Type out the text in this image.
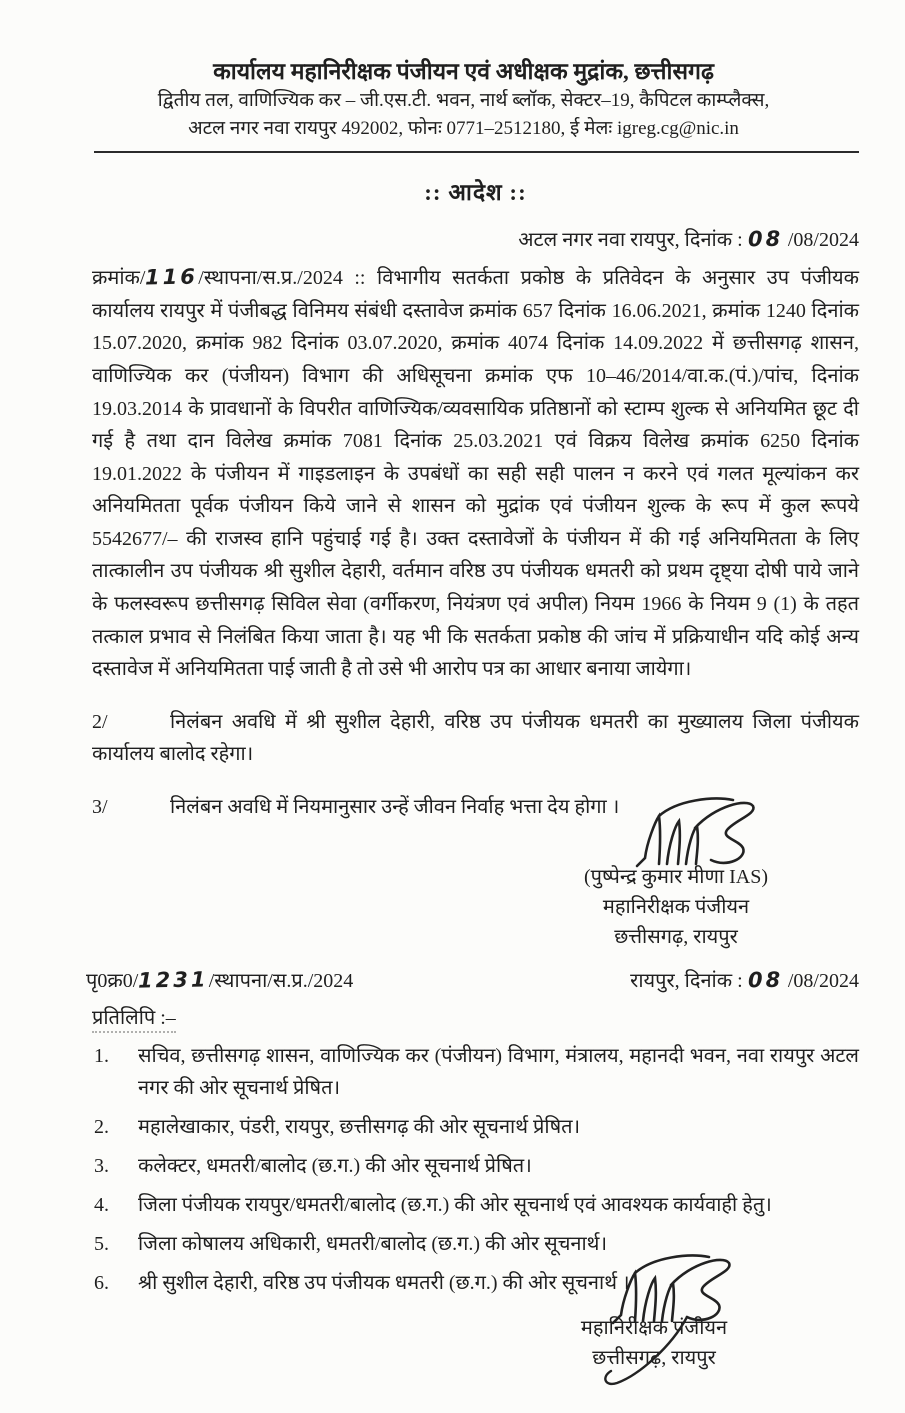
कार्यालय महानिरीक्षक पंजीयन एवं अधीक्षक मुद्रांक, छत्तीसगढ़
द्वितीय तल, वाणिज्यिक कर – जी.एस.टी. भवन, नार्थ ब्लॉक, सेक्टर–19, कैपिटल काम्प्लैक्स,
अटल नगर नवा रायपुर 492002, फोनः 0771–2512180, ई मेलः igreg.cg@nic.in
:: आदेश ::
अटल नगर नवा रायपुर, दिनांक : 08 /08/2024

क्रमांक/116/स्थापना/स.प्र./2024 :: विभागीय सतर्कता प्रकोष्ठ के प्रतिवेदन के अनुसार उप पंजीयक कार्यालय रायपुर में पंजीबद्ध विनिमय संबंधी दस्तावेज क्रमांक 657 दिनांक 16.06.2021, क्रमांक 1240 दिनांक 15.07.2020, क्रमांक 982 दिनांक 03.07.2020, क्रमांक 4074 दिनांक 14.09.2022 में छत्तीसगढ़ शासन, वाणिज्यिक कर (पंजीयन) विभाग की अधिसूचना क्रमांक एफ 10–46/2014/वा.क.(पं.)/पांच, दिनांक 19.03.2014 के प्रावधानों के विपरीत वाणिज्यिक/व्यवसायिक प्रतिष्ठानों को स्टाम्प शुल्क से अनियमित छूट दी गई है तथा दान विलेख क्रमांक 7081 दिनांक 25.03.2021 एवं विक्रय विलेख क्रमांक 6250 दिनांक 19.01.2022 के पंजीयन में गाइडलाइन के उपबंधों का सही सही पालन न करने एवं गलत मूल्यांकन कर अनियमितता पूर्वक पंजीयन किये जाने से शासन को मुद्रांक एवं पंजीयन शुल्क के रूप में कुल रूपये 5542677/– की राजस्व हानि पहुंचाई गई है। उक्त दस्तावेजों के पंजीयन में की गई अनियमितता के लिए तात्कालीन उप पंजीयक श्री सुशील देहारी, वर्तमान वरिष्ठ उप पंजीयक धमतरी को प्रथम दृष्ट्या दोषी पाये जाने के फलस्वरूप छत्तीसगढ़ सिविल सेवा (वर्गीकरण, नियंत्रण एवं अपील) नियम 1966 के नियम 9 (1) के तहत तत्काल प्रभाव से निलंबित किया जाता है। यह भी कि सतर्कता प्रकोष्ठ की जांच में प्रक्रियाधीन यदि कोई अन्य दस्तावेज में अनियमितता पाई जाती है तो उसे भी आरोप पत्र का आधार बनाया जायेगा।

2/	निलंबन अवधि में श्री सुशील देहारी, वरिष्ठ उप पंजीयक धमतरी का मुख्यालय जिला पंजीयक कार्यालय बालोद रहेगा।

3/	निलंबन अवधि में नियमानुसार उन्हें जीवन निर्वाह भत्ता देय होगा ।

(पुष्पेन्द्र कुमार मीणा IAS)
महानिरीक्षक पंजीयन
छत्तीसगढ़, रायपुर
पृ0क्र0/1231/स्थापना/स.प्र./2024	रायपुर, दिनांक : 08 /08/2024
प्रतिलिपि :–
सचिव, छत्तीसगढ़ शासन, वाणिज्यिक कर (पंजीयन) विभाग, मंत्रालय, महानदी भवन, नवा रायपुर अटल नगर की ओर सूचनार्थ प्रेषित।
महालेखाकार, पंडरी, रायपुर, छत्तीसगढ़ की ओर सूचनार्थ प्रेषित।
कलेक्टर, धमतरी/बालोद (छ.ग.) की ओर सूचनार्थ प्रेषित।
जिला पंजीयक रायपुर/धमतरी/बालोद (छ.ग.) की ओर सूचनार्थ एवं आवश्यक कार्यवाही हेतु।
जिला कोषालय अधिकारी, धमतरी/बालोद (छ.ग.) की ओर सूचनार्थ।
श्री सुशील देहारी, वरिष्ठ उप पंजीयक धमतरी (छ.ग.) की ओर सूचनार्थ ।
महानिरीक्षक पंजीयन
छत्तीसगढ़, रायपुर
